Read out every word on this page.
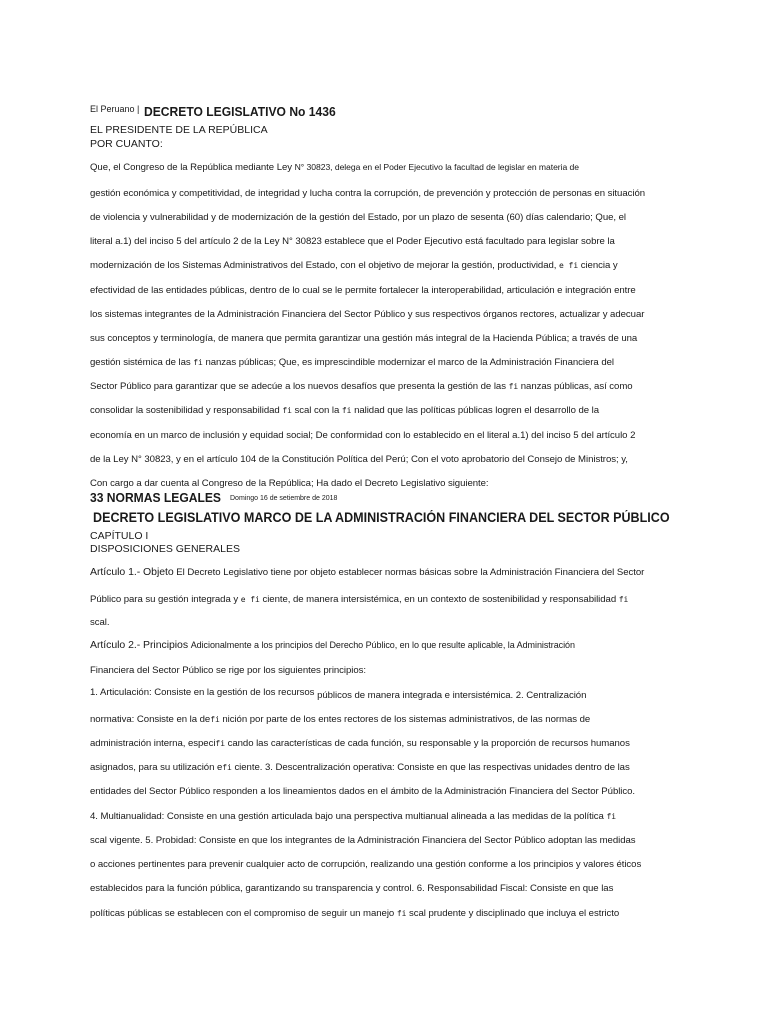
El Peruano | DECRETO LEGISLATIVO No 1436
EL PRESIDENTE DE LA REPÚBLICA
POR CUANTO:
Que, el Congreso de la República mediante Ley N° 30823, delega en el Poder Ejecutivo la facultad de legislar en materia de
gestión económica y competitividad, de integridad y lucha contra la corrupción, de prevención y protección de personas en situación
de violencia y vulnerabilidad y de modernización de la gestión del Estado, por un plazo de sesenta (60) días calendario; Que, el
literal a.1) del inciso 5 del artículo 2 de la Ley N° 30823 establece que el Poder Ejecutivo está facultado para legislar sobre la
modernización de los Sistemas Administrativos del Estado, con el objetivo de mejorar la gestión, productividad, e fi ciencia y
efectividad de las entidades públicas, dentro de lo cual se le permite fortalecer la interoperabilidad, articulación e integración entre
los sistemas integrantes de la Administración Financiera del Sector Público y sus respectivos órganos rectores, actualizar y adecuar
sus conceptos y terminología, de manera que permita garantizar una gestión más integral de la Hacienda Pública; a través de una
gestión sistémica de las fi nanzas públicas; Que, es imprescindible modernizar el marco de la Administración Financiera del
Sector Público para garantizar que se adecúe a los nuevos desafíos que presenta la gestión de las fi nanzas públicas, así como
consolidar la sostenibilidad y responsabilidad fi scal con la fi nalidad que las políticas públicas logren el desarrollo de la
economía en un marco de inclusión y equidad social; De conformidad con lo establecido en el literal a.1) del inciso 5 del artículo 2
de la Ley N° 30823, y en el artículo 104 de la Constitución Política del Perú; Con el voto aprobatorio del Consejo de Ministros; y,
Con cargo a dar cuenta al Congreso de la República; Ha dado el Decreto Legislativo siguiente:
33 NORMAS LEGALES Domingo 16 de setiembre de 2018
DECRETO LEGISLATIVO MARCO DE LA ADMINISTRACIÓN FINANCIERA DEL SECTOR PÚBLICO
CAPÍTULO I
DISPOSICIONES GENERALES
Artículo 1.- Objeto El Decreto Legislativo tiene por objeto establecer normas básicas sobre la Administración Financiera del Sector
Público para su gestión integrada y e fi ciente, de manera intersistémica, en un contexto de sostenibilidad y responsabilidad fi
scal.
Artículo 2.- Principios Adicionalmente a los principios del Derecho Público, en lo que resulte aplicable, la Administración
Financiera del Sector Público se rige por los siguientes principios:
1. Articulación: Consiste en la gestión de los recursos públicos de manera integrada e intersistémica. 2. Centralización
normativa: Consiste en la defi nición por parte de los entes rectores de los sistemas administrativos, de las normas de
administración interna, especifi cando las características de cada función, su responsable y la proporción de recursos humanos
asignados, para su utilización efi ciente. 3. Descentralización operativa: Consiste en que las respectivas unidades dentro de las
entidades del Sector Público responden a los lineamientos dados en el ámbito de la Administración Financiera del Sector Público.
4. Multianualidad: Consiste en una gestión articulada bajo una perspectiva multianual alineada a las medidas de la política fi
scal vigente. 5. Probidad: Consiste en que los integrantes de la Administración Financiera del Sector Público adoptan las medidas
o acciones pertinentes para prevenir cualquier acto de corrupción, realizando una gestión conforme a los principios y valores éticos
establecidos para la función pública, garantizando su transparencia y control. 6. Responsabilidad Fiscal: Consiste en que las
políticas públicas se establecen con el compromiso de seguir un manejo fi scal prudente y disciplinado que incluya el estricto
efi
